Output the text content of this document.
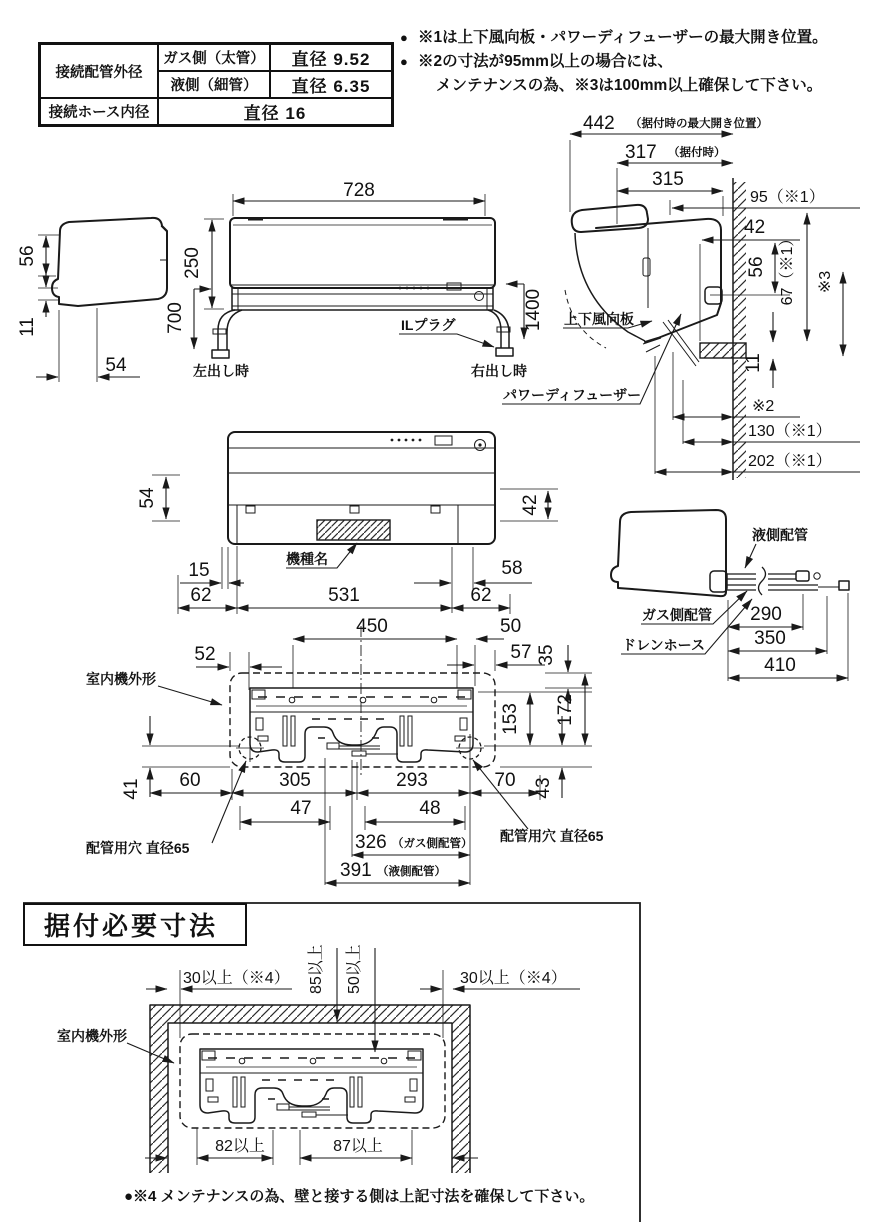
56
11
54
728
250
700	1400
ILプラグ
左出し時	右出し時
442 （据付時の最大開き位置）
317 （据付時）
315
95（※1）
42
56 67（※1） ※3
11
※2
130（※1）
202（※1）
上下風向板
パワーディフューザー
機種名
54	42
15	58
62	531	62
液側配管
ガス側配管
ドレンホース
290
350
410
室内機外形
450	50
52	57 35
153 172
41	43
60	305	293	70
47	48
326 （ガス側配管）
391 （液側配管）
配管用穴 直径65
配管用穴 直径65
室内機外形
30以上（※4）	30以上（※4）
85以上 50以上
82以上	87以上
接続配管外径
ガス側（太管）	直径 9.52
液側（細管）	直径 6.35
接続ホース内径	直径 16
● ※1は上下風向板・パワーディフューザーの最大開き位置。
● ※2の寸法が95mm以上の場合には、
メンテナンスの為、※3は100mm以上確保して下さい。
据付必要寸法
●※4 メンテナンスの為、壁と接する側は上記寸法を確保して下さい。
